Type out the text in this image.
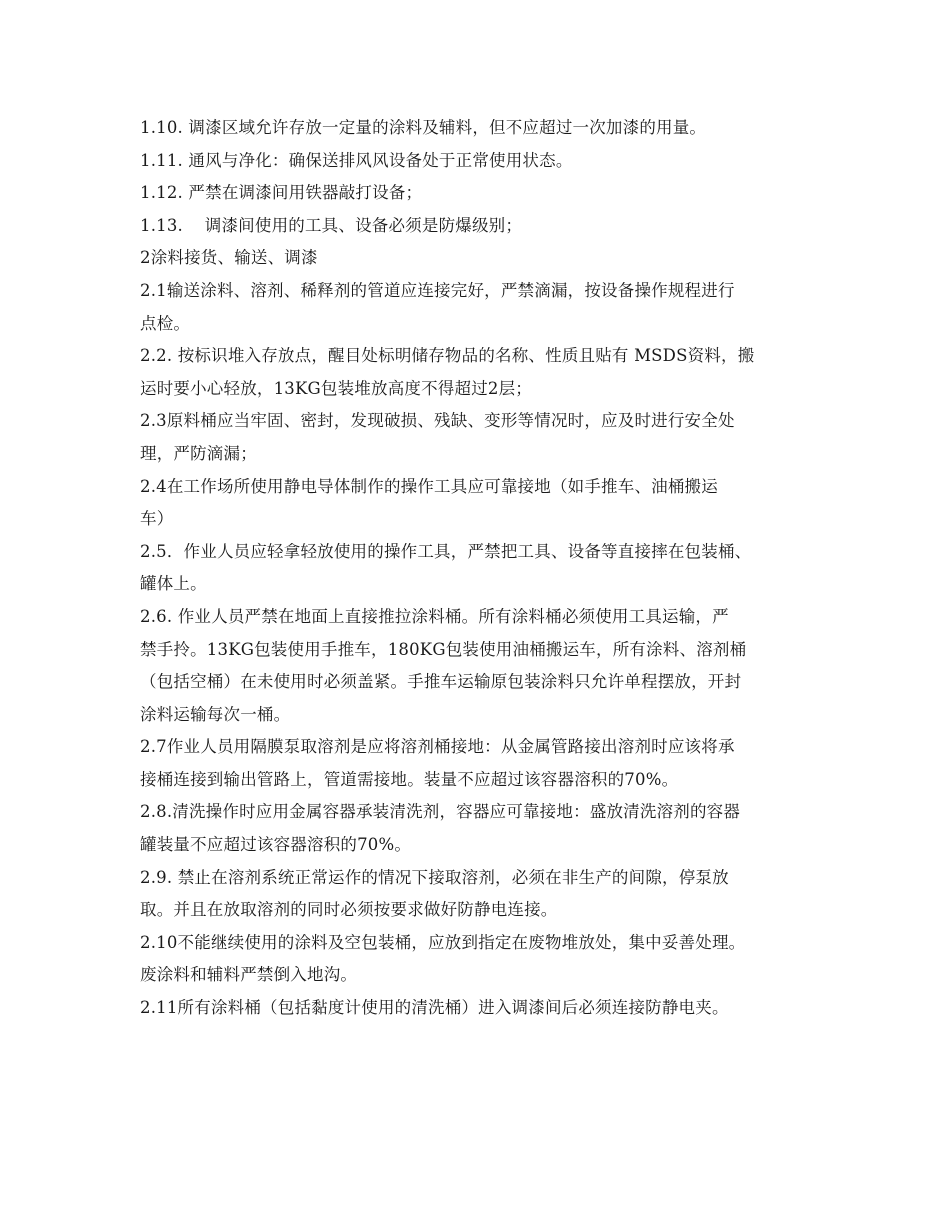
1.10. 调漆区域允许存放一定量的涂料及辅料，但不应超过一次加漆的用量。
1.11. 通风与净化：确保送排风风设备处于正常使用状态。
1.12. 严禁在调漆间用铁器敲打设备；
1.13.    调漆间使用的工具、设备必须是防爆级别；
2涂料接货、输送、调漆
2.1输送涂料、溶剂、稀释剂的管道应连接完好，严禁滴漏，按设备操作规程进行
点检。
2.2. 按标识堆入存放点，醒目处标明储存物品的名称、性质且贴有 MSDS资料，搬
运时要小心轻放，13KG包装堆放高度不得超过2层；
2.3原料桶应当牢固、密封，发现破损、残缺、变形等情况时，应及时进行安全处
理，严防滴漏；
2.4在工作场所使用静电导体制作的操作工具应可靠接地（如手推车、油桶搬运
车）
2.5．作业人员应轻拿轻放使用的操作工具，严禁把工具、设备等直接摔在包装桶、
罐体上。
2.6. 作业人员严禁在地面上直接推拉涂料桶。所有涂料桶必须使用工具运输，严
禁手拎。13KG包装使用手推车，180KG包装使用油桶搬运车，所有涂料、溶剂桶
（包括空桶）在未使用时必须盖紧。手推车运输原包装涂料只允许单程摆放，开封
涂料运输每次一桶。
2.7作业人员用隔膜泵取溶剂是应将溶剂桶接地：从金属管路接出溶剂时应该将承
接桶连接到输出管路上，管道需接地。装量不应超过该容器溶积的70%。
2.8.清洗操作时应用金属容器承装清洗剂，容器应可靠接地：盛放清洗溶剂的容器
罐装量不应超过该容器溶积的70%。
2.9. 禁止在溶剂系统正常运作的情况下接取溶剂，必须在非生产的间隙，停泵放
取。并且在放取溶剂的同时必须按要求做好防静电连接。
2.10不能继续使用的涂料及空包装桶，应放到指定在废物堆放处，集中妥善处理。
废涂料和辅料严禁倒入地沟。
2.11所有涂料桶（包括黏度计使用的清洗桶）进入调漆间后必须连接防静电夹。
